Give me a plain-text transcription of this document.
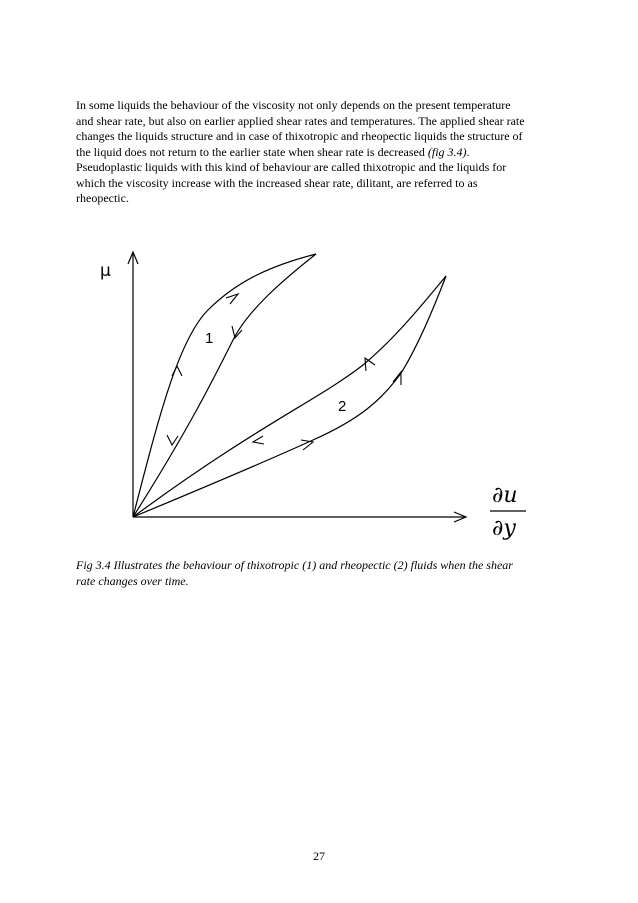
In some liquids the behaviour of the viscosity not only depends on the present temperature
and shear rate, but also on earlier applied shear rates and temperatures. The applied shear rate
changes the liquids structure and in case of thixotropic and rheopectic liquids the structure of
the liquid does not return to the earlier state when shear rate is decreased (fig 3.4).
Pseudoplastic liquids with this kind of behaviour are called thixotropic and the liquids for
which the viscosity increase with the increased shear rate, dilitant, are referred to as
rheopectic.
1
2
μ
∂u
∂y
Fig 3.4 Illustrates the behaviour of thixotropic (1) and rheopectic (2) fluids when the shear
rate changes over time.
27
